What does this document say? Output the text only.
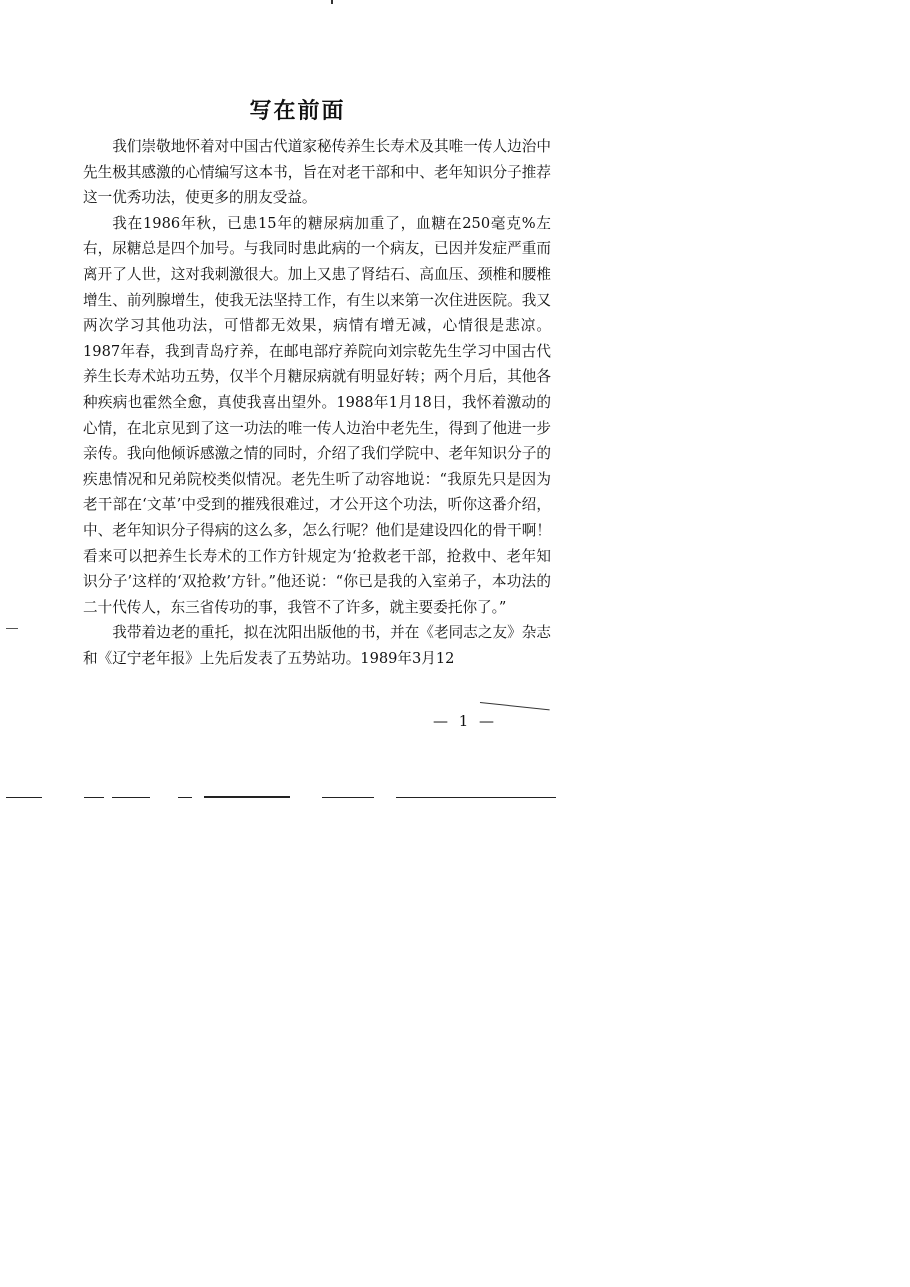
写在前面

我们崇敬地怀着对中国古代道家秘传养生长寿术及其唯一传人边治中先生极其感激的心情编写这本书，旨在对老干部和中、老年知识分子推荐这一优秀功法，使更多的朋友受益。

我在1986年秋，已患15年的糖尿病加重了，血糖在250毫克%左右，尿糖总是四个加号。与我同时患此病的一个病友，已因并发症严重而离开了人世，这对我刺激很大。加上又患了肾结石、高血压、颈椎和腰椎增生、前列腺增生，使我无法坚持工作，有生以来第一次住进医院。我又两次学习其他功法，可惜都无效果，病情有增无减，心情很是悲凉。1987年春，我到青岛疗养，在邮电部疗养院向刘宗乾先生学习中国古代养生长寿术站功五势，仅半个月糖尿病就有明显好转；两个月后，其他各种疾病也霍然全愈，真使我喜出望外。1988年1月18日，我怀着激动的心情，在北京见到了这一功法的唯一传人边治中老先生，得到了他进一步亲传。我向他倾诉感激之情的同时，介绍了我们学院中、老年知识分子的疾患情况和兄弟院校类似情况。老先生听了动容地说：“我原先只是因为老干部在‘文革’中受到的摧残很难过，才公开这个功法，听你这番介绍，中、老年知识分子得病的这么多，怎么行呢？他们是建设四化的骨干啊！看来可以把养生长寿术的工作方针规定为‘抢救老干部，抢救中、老年知识分子’这样的‘双抢救’方针。”他还说：“你已是我的入室弟子，本功法的二十代传人，东三省传功的事，我管不了许多，就主要委托你了。”

我带着边老的重托，拟在沈阳出版他的书，并在《老同志之友》杂志和《辽宁老年报》上先后发表了五势站功。1989年3月12

— 1 —
